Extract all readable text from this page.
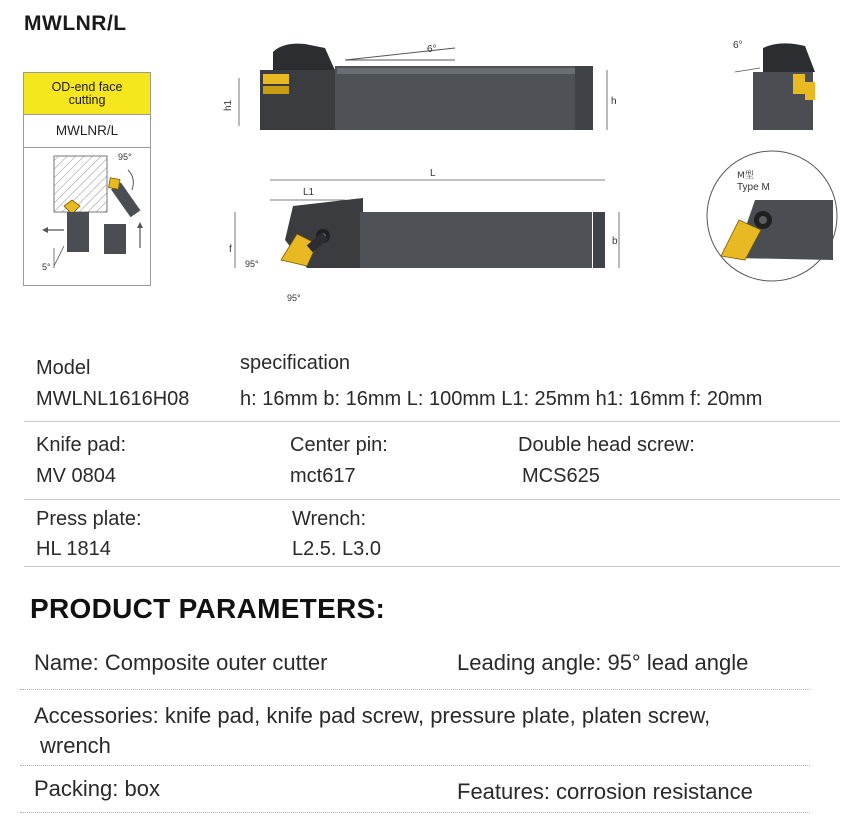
MWLNR/L
OD-end face cutting
MWLNR/L
95°
5°
6°
h1	h
6°
L
L1
f
b
95°
95°
M型
Type M
Model	specification
MWLNL1616H08	h: 16mm b: 16mm L: 100mm L1: 25mm h1: 16mm f: 20mm
Knife pad:	Center pin:	Double head screw:
MV 0804	mct617	MCS625
Press plate:	Wrench:
HL 1814	L2.5. L3.0
PRODUCT PARAMETERS:
Name: Composite outer cutter	Leading angle: 95° lead angle
Accessories: knife pad, knife pad screw, pressure plate, platen screw,
wrench
Packing: box	Features: corrosion resistance
